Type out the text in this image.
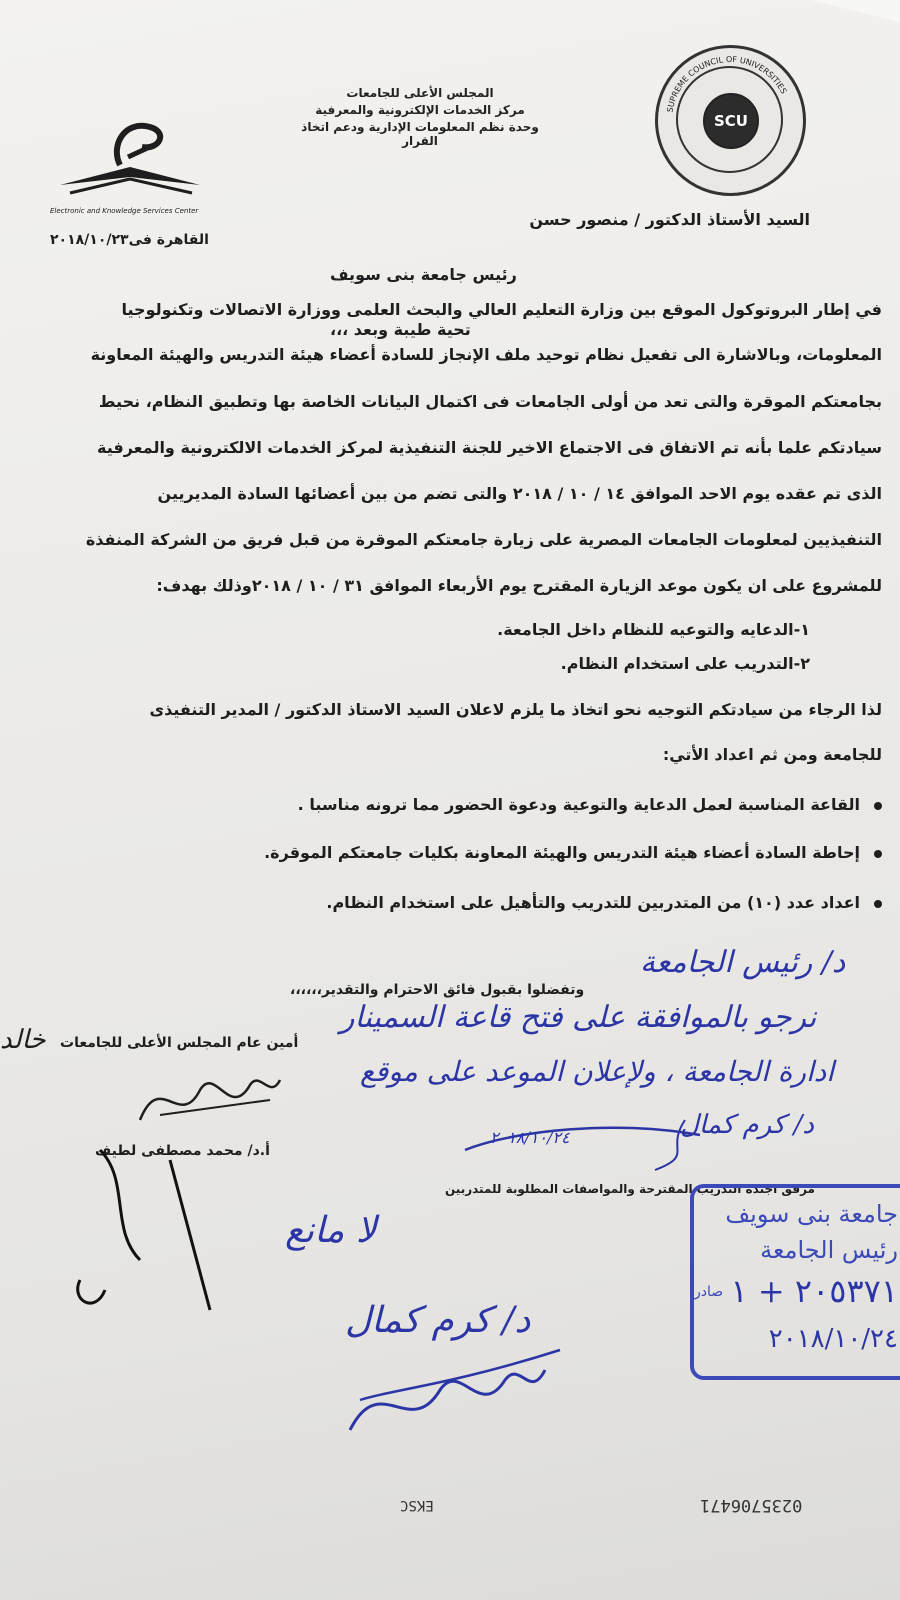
Electronic and Knowledge Services Center
المجلس الأعلى للجامعات
مركز الخدمات الإلكترونية والمعرفية
وحدة نظم المعلومات الإدارية ودعم اتخاذ القرار
SUPREME COUNCIL OF UNIVERSITIES
SCU
القاهرة فى٢٠١٨/١٠/٢٣
السيد الأستاذ الدكتور / منصور حسن
رئيس جامعة بنى سويف
تحية طيبة وبعد ،،،
في إطار البروتوكول الموقع بين وزارة التعليم العالي والبحث العلمى ووزارة الاتصالات وتكنولوجيا
المعلومات، وبالاشارة الى تفعيل نظام توحيد ملف الإنجاز للسادة أعضاء هيئة التدريس والهيئة المعاونة
بجامعتكم الموقرة والتى تعد من أولى الجامعات فى اكتمال البيانات الخاصة بها وتطبيق النظام، نحيط
سيادتكم علما بأنه تم الاتفاق فى الاجتماع الاخير للجنة التنفيذية لمركز الخدمات الالكترونية والمعرفية
الذى تم عقده يوم الاحد الموافق ١٤ / ١٠ / ٢٠١٨ والتى تضم من بين أعضائها السادة المديريين
التنفيذيين لمعلومات الجامعات المصرية على زيارة جامعتكم الموقرة من قبل فريق من الشركة المنفذة
للمشروع على ان يكون موعد الزيارة المقترح يوم الأربعاء الموافق ٣١ / ١٠ / ٢٠١٨وذلك بهدف:
١-الدعايه والتوعيه للنظام داخل الجامعة.
٢-التدريب على استخدام النظام.
لذا الرجاء من سيادتكم التوجيه نحو اتخاذ ما يلزم لاعلان السيد الاستاذ الدكتور / المدير التنفيذى
للجامعة ومن ثم اعداد الأتي:
القاعة المناسبة لعمل الدعاية والتوعية ودعوة الحضور مما ترونه مناسبا .
إحاطة السادة أعضاء هيئة التدريس والهيئة المعاونة بكليات جامعتكم الموقرة.
اعداد عدد (١٠) من المتدربين للتدريب والتأهيل على استخدام النظام.
وتفضلوا بقبول فائق الاحترام والتقدير،،،،،،
أمين عام المجلس الأعلى للجامعات
أ.د/ محمد مصطفى لطيف
مرفق اجندة التدريب المقترحة والمواصفات المطلوبة للمتدربين
د/ رئيس الجامعة
نرجو بالموافقة على فتح قاعة السمينار
ادارة الجامعة ، ولإعلان الموعد على موقع
د/ كرم كمال
٢٠١٨/١٠/٢٤
لا مانع
د/ كرم كمال
خالد
جامعة بنى سويف
رئيس الجامعة
صادر ٢٠٥٣٧١ + ١
٢٠١٨/١٠/٢٤
0235706471
EKSC
